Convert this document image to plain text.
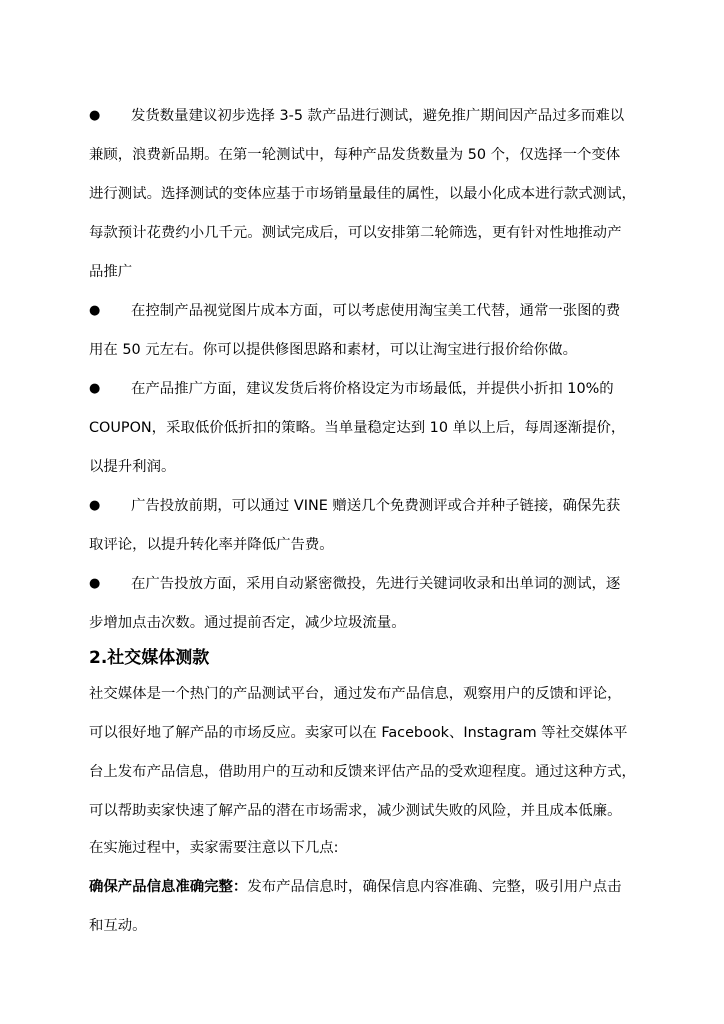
● 发货数量建议初步选择 3-5 款产品进行测试，避免推广期间因产品过多而难以

兼顾，浪费新品期。在第一轮测试中，每种产品发货数量为 50 个，仅选择一个变体

进行测试。选择测试的变体应基于市场销量最佳的属性，以最小化成本进行款式测试，

每款预计花费约小几千元。测试完成后，可以安排第二轮筛选，更有针对性地推动产

品推广

● 在控制产品视觉图片成本方面，可以考虑使用淘宝美工代替，通常一张图的费

用在 50 元左右。你可以提供修图思路和素材，可以让淘宝进行报价给你做。

● 在产品推广方面，建议发货后将价格设定为市场最低，并提供小折扣 10%的

COUPON，采取低价低折扣的策略。当单量稳定达到 10 单以上后，每周逐渐提价，

以提升利润。

● 广告投放前期，可以通过 VINE 赠送几个免费测评或合并种子链接，确保先获

取评论，以提升转化率并降低广告费。

● 在广告投放方面，采用自动紧密微投，先进行关键词收录和出单词的测试，逐

步增加点击次数。通过提前否定，减少垃圾流量。

2.社交媒体测款

社交媒体是一个热门的产品测试平台，通过发布产品信息，观察用户的反馈和评论，

可以很好地了解产品的市场反应。卖家可以在 Facebook、Instagram 等社交媒体平

台上发布产品信息，借助用户的互动和反馈来评估产品的受欢迎程度。通过这种方式，

可以帮助卖家快速了解产品的潜在市场需求，减少测试失败的风险，并且成本低廉。

在实施过程中，卖家需要注意以下几点:

确保产品信息准确完整：发布产品信息时，确保信息内容准确、完整，吸引用户点击

和互动。
